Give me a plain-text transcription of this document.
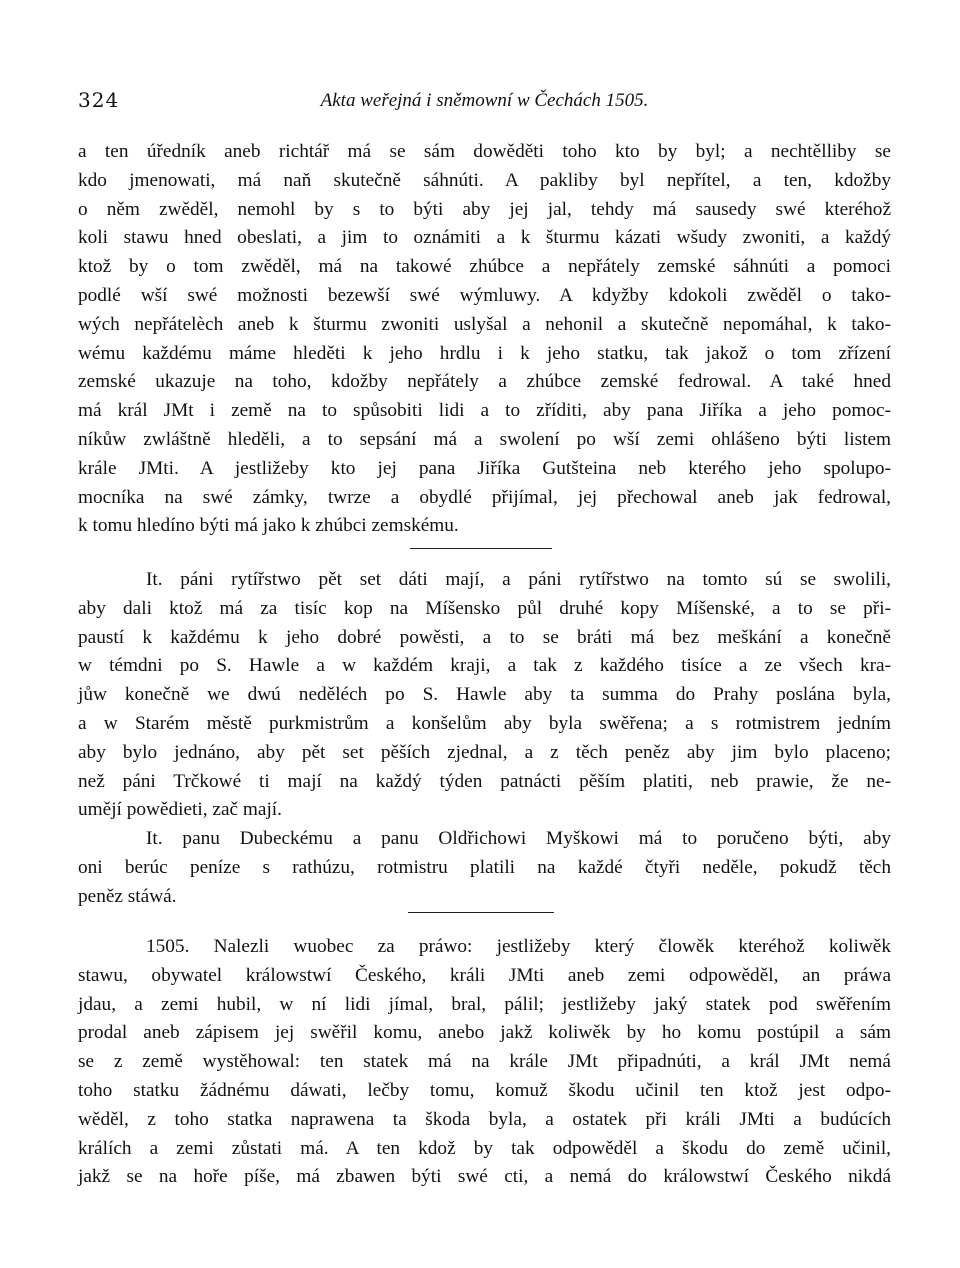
324	Akta weřejná i sněmowní w Čechách 1505.

a ten úředník aneb richtář má se sám dowěděti toho kto by byl; a nechtělliby se
kdo jmenowati, má naň skutečně sáhnúti. A pakliby byl nepřítel, a ten, kdožby
o něm zwěděl, nemohl by s to býti aby jej jal, tehdy má sausedy swé kteréhož
koli stawu hned obeslati, a jim to oznámiti a k šturmu kázati wšudy zwoniti, a každý
ktož by o tom zwěděl, má na takowé zhúbce a nepřátely zemské sáhnúti a pomoci
podlé wší swé možnosti bezewší swé wýmluwy. A kdyžby kdokoli zwěděl o tako-
wých nepřátelèch aneb k šturmu zwoniti uslyšal a nehonil a skutečně nepomáhal, k tako-
wému každému máme hleděti k jeho hrdlu i k jeho statku, tak jakož o tom zřízení
zemské ukazuje na toho, kdožby nepřátely a zhúbce zemské fedrowal. A také hned
má král JMt i země na to spůsobiti lidi a to zříditi, aby pana Jiříka a jeho pomoc-
níkůw zwláštně hleděli, a to sepsání má a swolení po wší zemi ohlášeno býti listem
krále JMti. A jestližeby kto jej pana Jiříka Gutšteina neb kterého jeho spolupo-
mocníka na swé zámky, twrze a obydlé přijímal, jej přechowal aneb jak fedrowal,
k tomu hledíno býti má jako k zhúbci zemskému.

It. páni rytířstwo pět set dáti mají, a páni rytířstwo na tomto sú se swolili,
aby dali ktož má za tisíc kop na Míšensko půl druhé kopy Míšenské, a to se při-
paustí k každému k jeho dobré powěsti, a to se bráti má bez meškání a konečně
w témdni po S. Hawle a w každém kraji, a tak z každého tisíce a ze všech kra-
jůw konečně we dwú neděléch po S. Hawle aby ta summa do Prahy poslána byla,
a w Starém městě purkmistrům a konšelům aby byla swěřena; a s rotmistrem jedním
aby bylo jednáno, aby pět set pěších zjednal, a z těch peněz aby jim bylo placeno;
než páni Trčkowé ti mají na každý týden patnácti pěším platiti, neb prawie, že ne-
umějí powědieti, zač mají.

It. panu Dubeckému a panu Oldřichowi Myškowi má to poručeno býti, aby
oni berúc peníze s rathúzu, rotmistru platili na každé čtyři neděle, pokudž těch
peněz stáwá.

1505. Nalezli wuobec za práwo: jestližeby který člowěk kteréhož koliwěk
stawu, obywatel králowstwí Českého, králi JMti aneb zemi odpowěděl, an práwa
jdau, a zemi hubil, w ní lidi jímal, bral, pálil; jestližeby jaký statek pod swěřením
prodal aneb zápisem jej swěřil komu, anebo jakž koliwěk by ho komu postúpil a sám
se z země wystěhowal: ten statek má na krále JMt připadnúti, a král JMt nemá
toho statku žádnému dáwati, lečby tomu, komuž škodu učinil ten ktož jest odpo-
wěděl, z toho statka naprawena ta škoda byla, a ostatek při králi JMti a budúcích
králích a zemi zůstati má. A ten kdož by tak odpowěděl a škodu do země učinil,
jakž se na hoře píše, má zbawen býti swé cti, a nemá do králowstwí Českého nikdá
